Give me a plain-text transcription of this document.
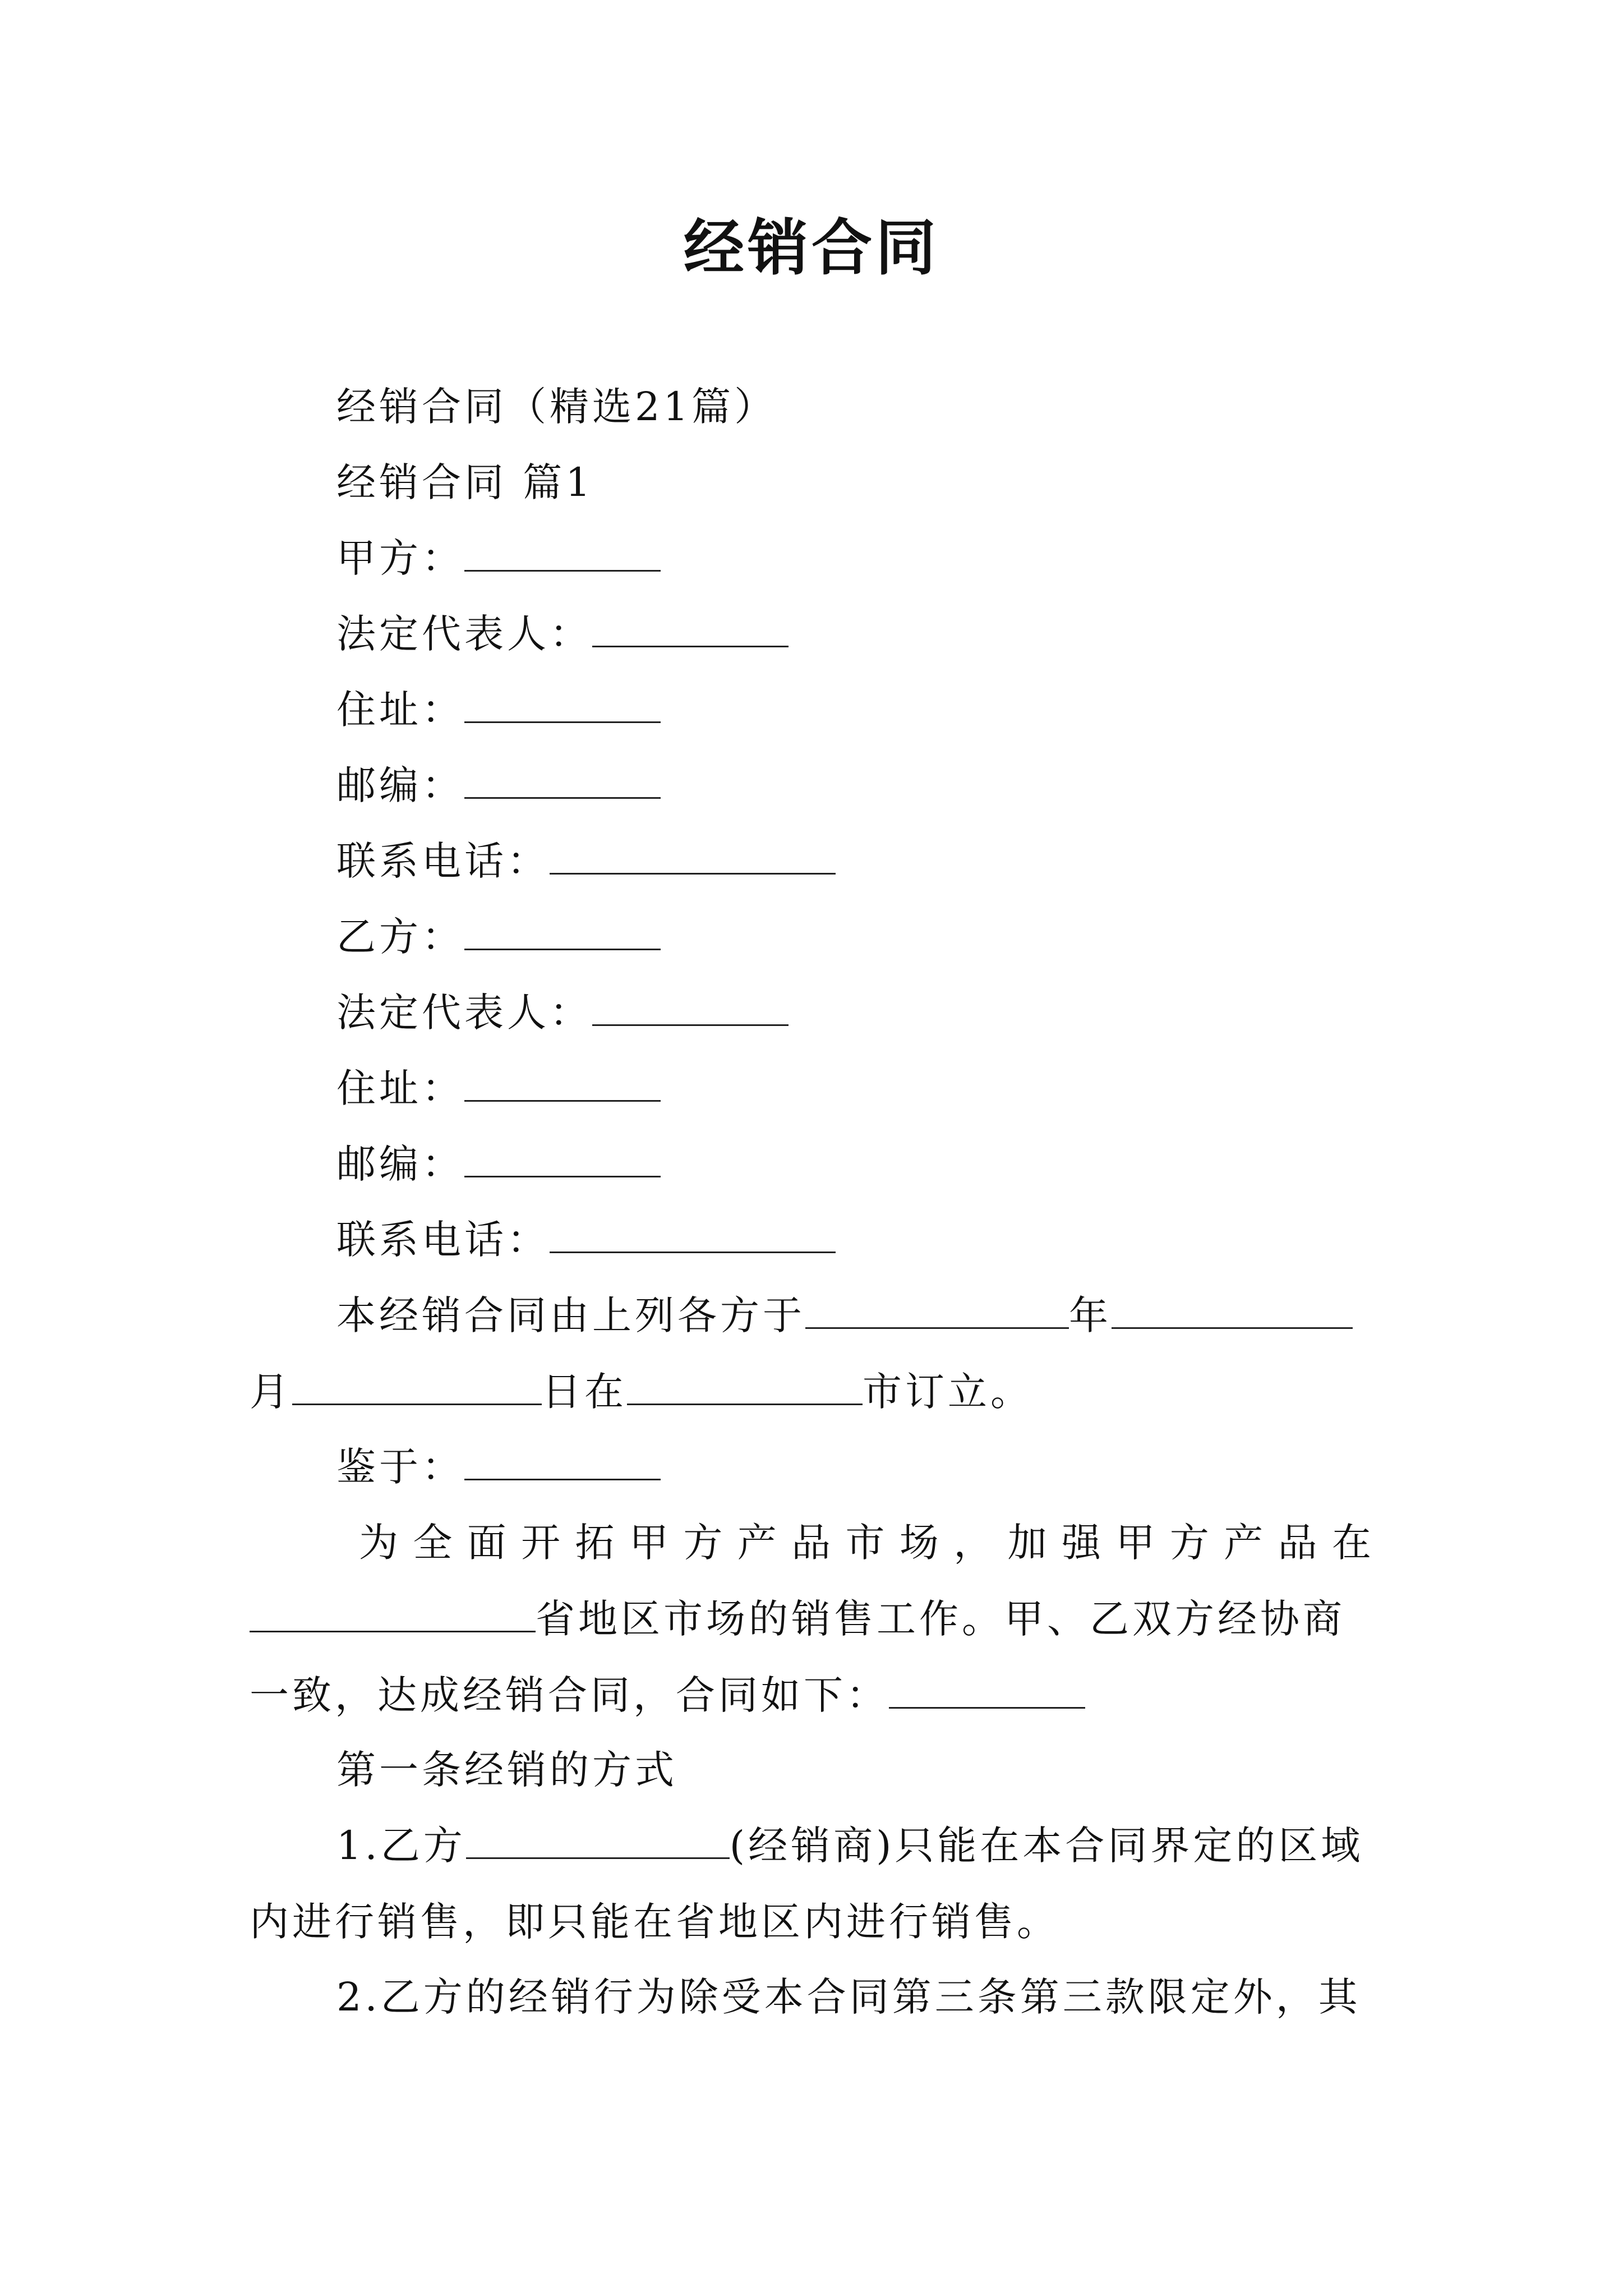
经销合同
经销合同（精选21篇）
经销合同 篇1
甲方：
法定代表人：
住址：
邮编：
联系电话：
乙方：
法定代表人：
住址：
邮编：
联系电话：
本经销合同由上列各方于	年
月	日在	市订立。
鉴于：
为全面开拓甲方产品市场，加强甲方产品在
省地区市场的销售工作。甲、乙双方经协商
一致，达成经销合同，合同如下：
第一条经销的方式
1.乙方	(经销商)只能在本合同界定的区域
内进行销售，即只能在省地区内进行销售。
2.乙方的经销行为除受本合同第三条第三款限定外，其
